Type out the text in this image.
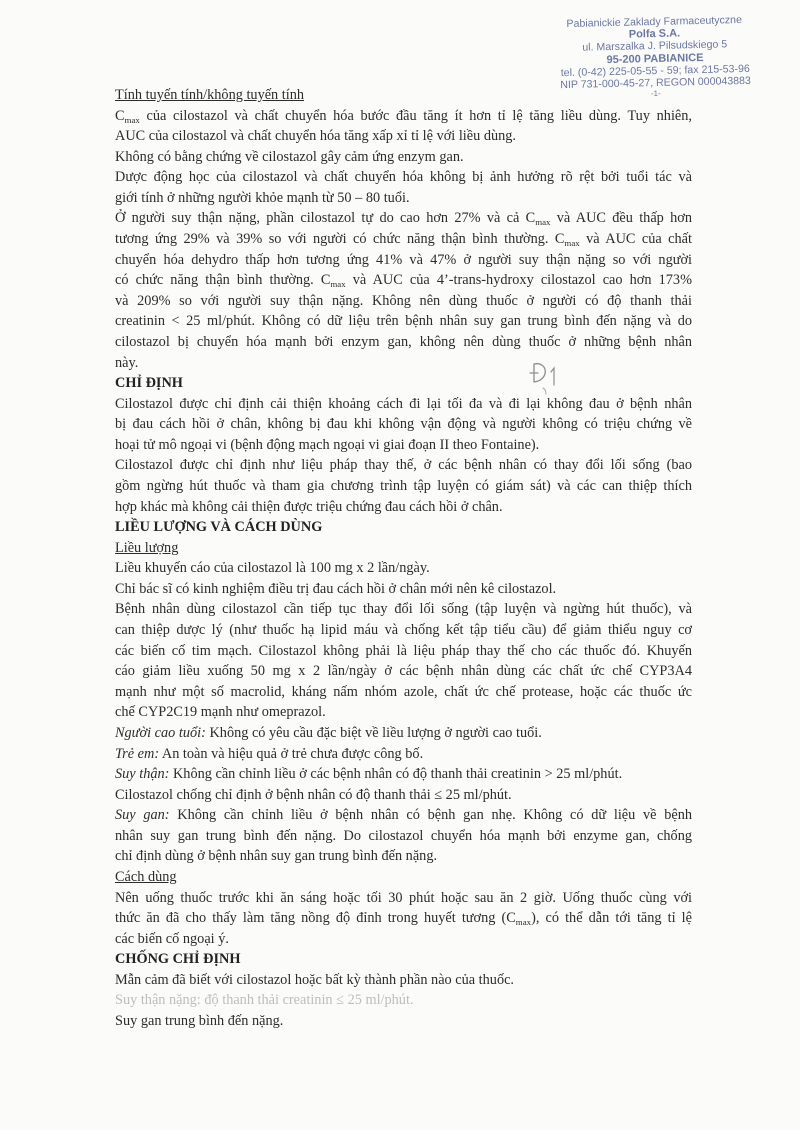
Pabianickie Zaklady Farmaceutyczne
Polfa S.A.
ul. Marszalka J. Pilsudskiego 5
95-200 PABIANICE
tel. (0-42) 225-05-55 - 59; fax 215-53-96
NIP 731-000-45-27, REGON 000043883
-1-
Tính tuyến tính/không tuyến tính
$C_{max}$ của cilostazol và chất chuyển hóa bước đầu tăng ít hơn tỉ lệ tăng liều dùng. Tuy nhiên,
AUC của cilostazol và chất chuyển hóa tăng xấp xỉ tỉ lệ với liều dùng.
Không có bằng chứng về cilostazol gây cảm ứng enzym gan.
Dược động học của cilostazol và chất chuyển hóa không bị ảnh hưởng rõ rệt bởi tuổi tác và
giới tính ở những người khỏe mạnh từ 50 – 80 tuổi.
Ở người suy thận nặng, phần cilostazol tự do cao hơn 27% và cả $C_{max}$ và AUC đều thấp hơn
tương ứng 29% và 39% so với người có chức năng thận bình thường. $C_{max}$ và AUC của chất
chuyển hóa dehydro thấp hơn tương ứng 41% và 47% ở người suy thận nặng so với người
có chức năng thận bình thường. $C_{max}$ và AUC của 4’-trans-hydroxy cilostazol cao hơn 173%
và 209% so với người suy thận nặng. Không nên dùng thuốc ở người có độ thanh thải
creatinin < 25 ml/phút. Không có dữ liệu trên bệnh nhân suy gan trung bình đến nặng và do
cilostazol bị chuyển hóa mạnh bởi enzym gan, không nên dùng thuốc ở những bệnh nhân
này.
CHỈ ĐỊNH
Cilostazol được chỉ định cải thiện khoảng cách đi lại tối đa và đi lại không đau ở bệnh nhân
bị đau cách hồi ở chân, không bị đau khi không vận động và người không có triệu chứng về
hoại tử mô ngoại vi (bệnh động mạch ngoại vi giai đoạn II theo Fontaine).
Cilostazol được chỉ định như liệu pháp thay thế, ở các bệnh nhân có thay đổi lối sống (bao
gồm ngừng hút thuốc và tham gia chương trình tập luyện có giám sát) và các can thiệp thích
hợp khác mà không cải thiện được triệu chứng đau cách hồi ở chân.
LIỀU LƯỢNG VÀ CÁCH DÙNG
Liều lượng
Liều khuyến cáo của cilostazol là 100 mg x 2 lần/ngày.
Chỉ bác sĩ có kinh nghiệm điều trị đau cách hồi ở chân mới nên kê cilostazol.
Bệnh nhân dùng cilostazol cần tiếp tục thay đổi lối sống (tập luyện và ngừng hút thuốc), và
can thiệp dược lý (như thuốc hạ lipid máu và chống kết tập tiểu cầu) để giảm thiểu nguy cơ
các biến cố tim mạch. Cilostazol không phải là liệu pháp thay thế cho các thuốc đó. Khuyến
cáo giảm liều xuống 50 mg x 2 lần/ngày ở các bệnh nhân dùng các chất ức chế CYP3A4
mạnh như một số macrolid, kháng nấm nhóm azole, chất ức chế protease, hoặc các thuốc ức
chế CYP2C19 mạnh như omeprazol.
Người cao tuổi: Không có yêu cầu đặc biệt về liều lượng ở người cao tuổi.
Trẻ em: An toàn và hiệu quả ở trẻ chưa được công bố.
Suy thận: Không cần chỉnh liều ở các bệnh nhân có độ thanh thải creatinin > 25 ml/phút.
Cilostazol chống chỉ định ở bệnh nhân có độ thanh thải ≤ 25 ml/phút.
Suy gan: Không cần chỉnh liều ở bệnh nhân có bệnh gan nhẹ. Không có dữ liệu về bệnh
nhân suy gan trung bình đến nặng. Do cilostazol chuyển hóa mạnh bởi enzyme gan, chống
chỉ định dùng ở bệnh nhân suy gan trung bình đến nặng.
Cách dùng
Nên uống thuốc trước khi ăn sáng hoặc tối 30 phút hoặc sau ăn 2 giờ. Uống thuốc cùng với
thức ăn đã cho thấy làm tăng nồng độ đỉnh trong huyết tương $(C_{max})$, có thể dẫn tới tăng tỉ lệ
các biến cố ngoại ý.
CHỐNG CHỈ ĐỊNH
Mẫn cảm đã biết với cilostazol hoặc bất kỳ thành phần nào của thuốc.
Suy thận nặng: độ thanh thải creatinin ≤ 25 ml/phút.
Suy gan trung bình đến nặng.
